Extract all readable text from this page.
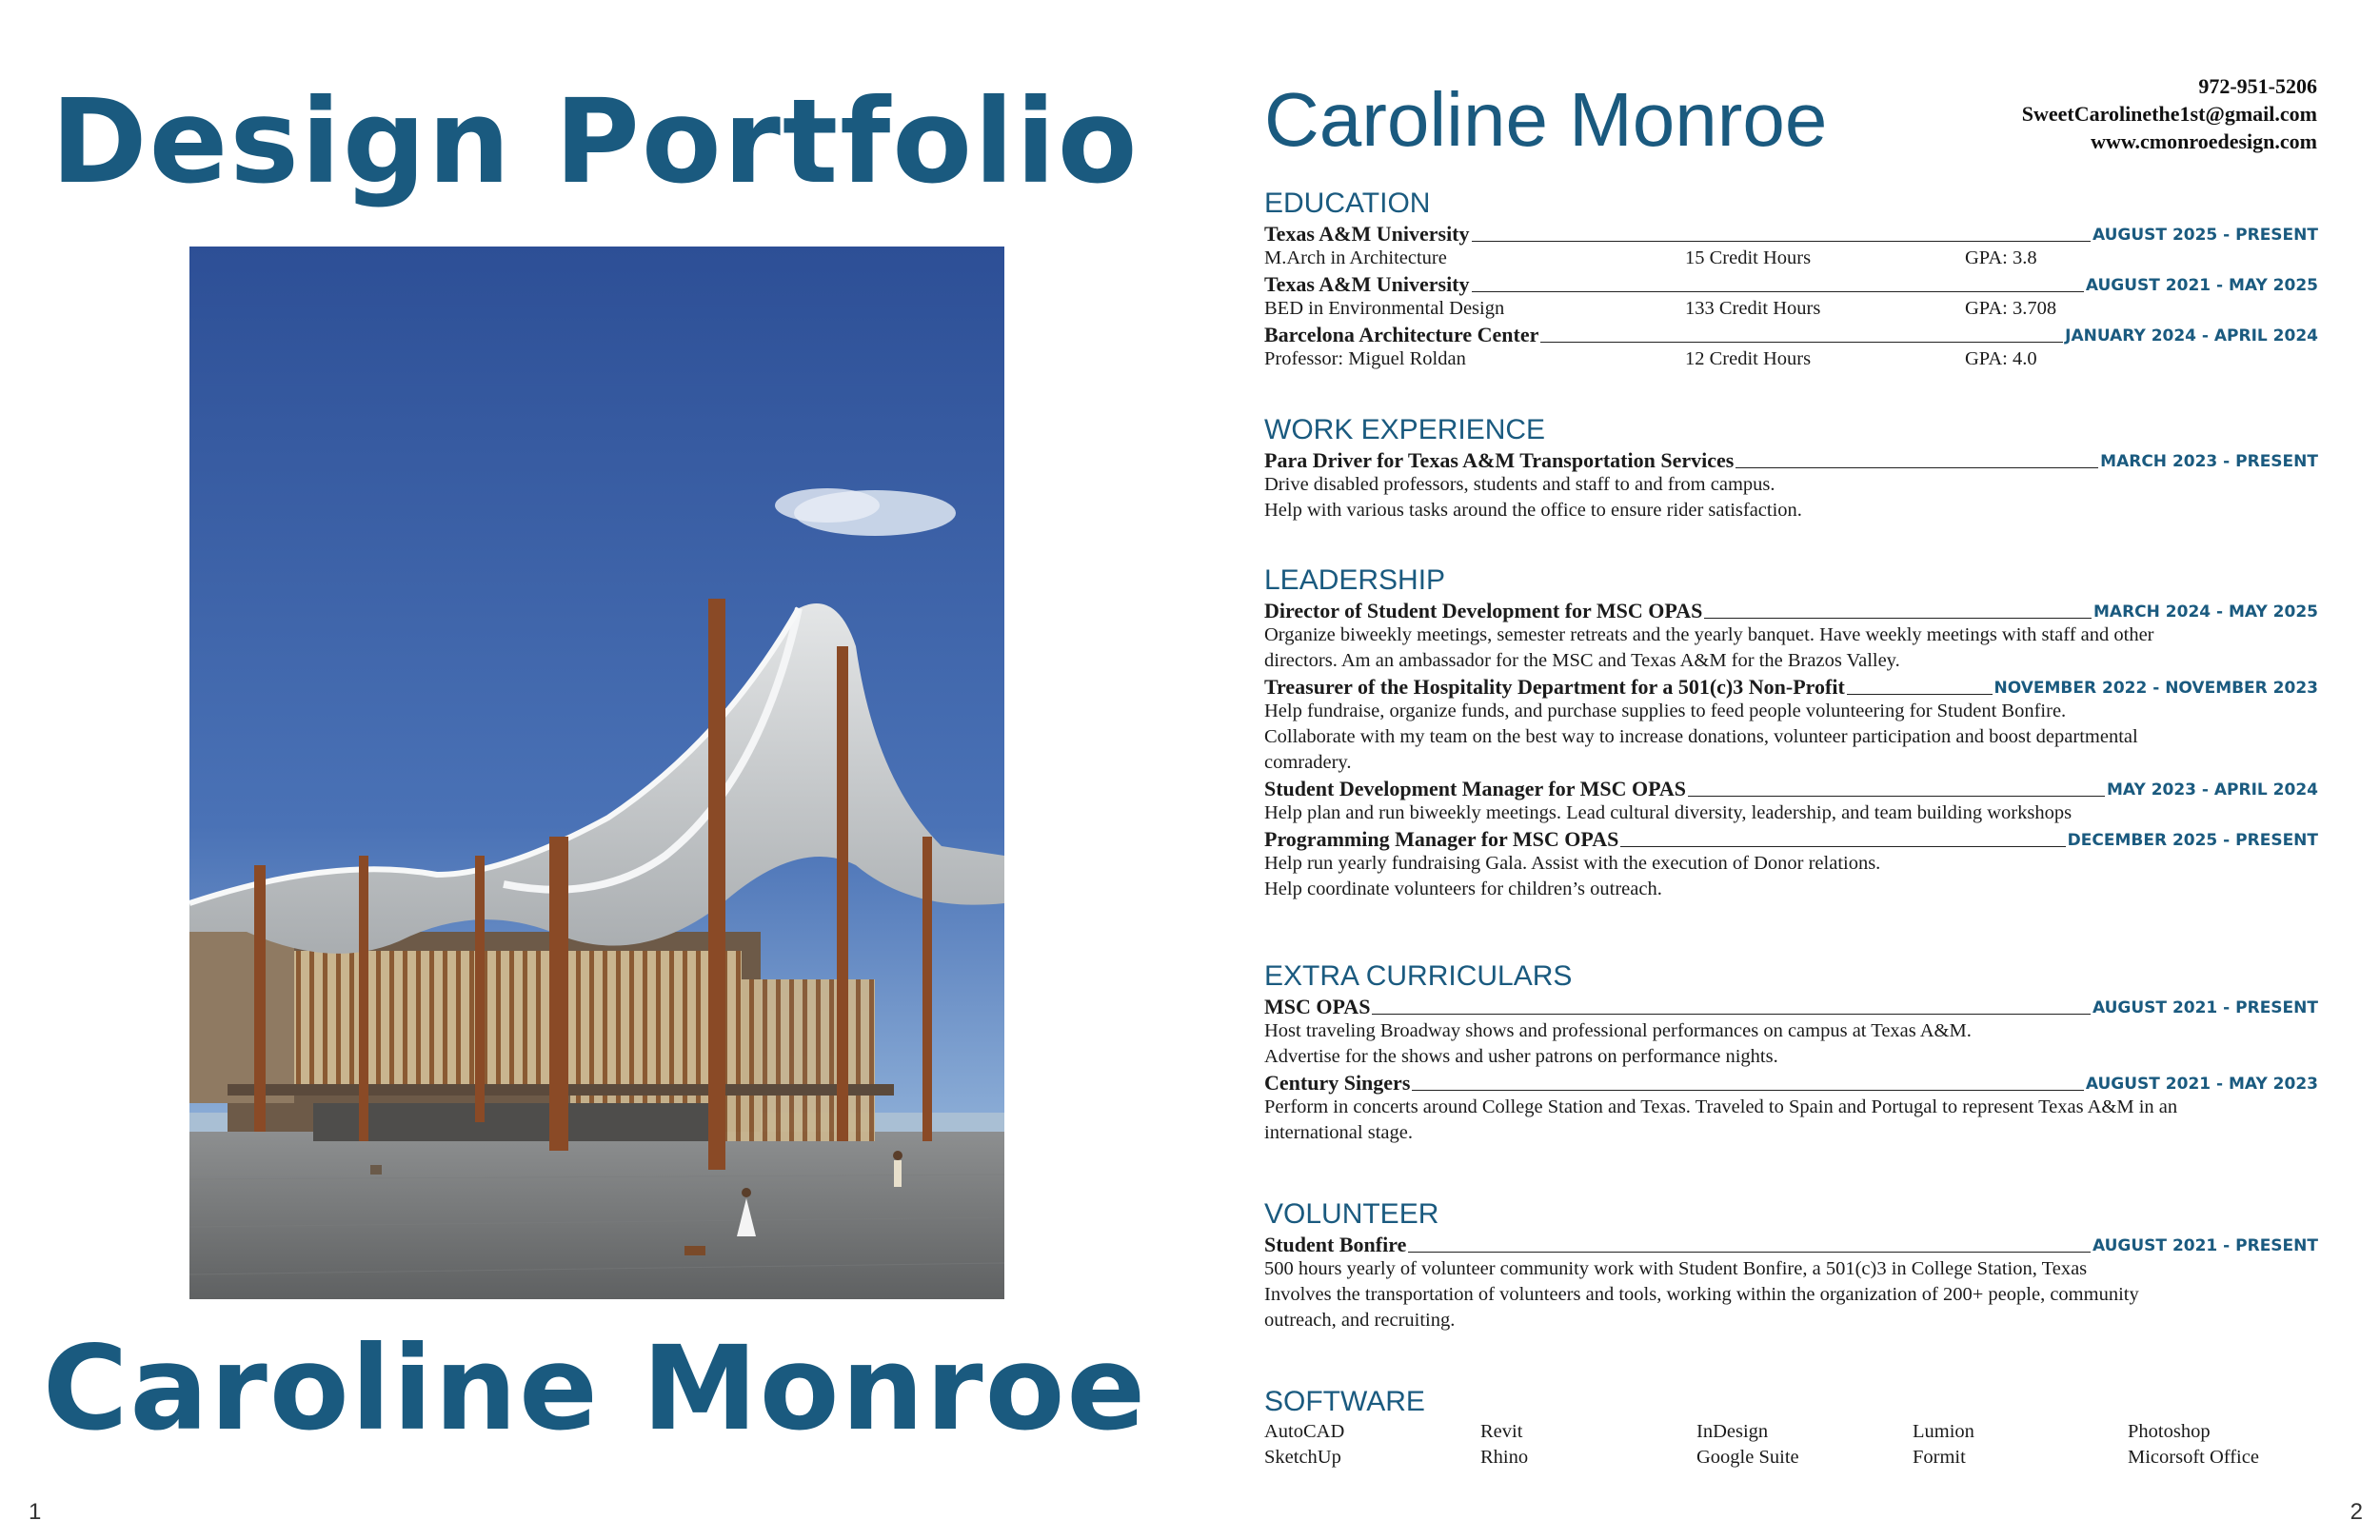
Design Portfolio
Caroline Monroe
1
Caroline Monroe	972-951-5206
SweetCarolinethe1st@gmail.com
www.cmonroedesign.com
EDUCATION
Texas A&M University	AUGUST 2025 - PRESENT
M.Arch in Architecture	15 Credit Hours	GPA: 3.8
Texas A&M University	AUGUST 2021 - MAY 2025
BED in Environmental Design	133 Credit Hours	GPA: 3.708
Barcelona Architecture Center	JANUARY 2024 - APRIL 2024
Professor: Miguel Roldan	12 Credit Hours	GPA: 4.0
WORK EXPERIENCE
Para Driver for Texas A&M Transportation Services	MARCH 2023 - PRESENT
Drive disabled professors, students and staff to and from campus.
Help with various tasks around the office to ensure rider satisfaction.
LEADERSHIP
Director of Student Development for MSC OPAS	MARCH 2024 - MAY 2025
Organize biweekly meetings, semester retreats and the yearly banquet. Have weekly meetings with staff and other
directors. Am an ambassador for the MSC and Texas A&M for the Brazos Valley.
Treasurer of the Hospitality Department for a 501(c)3 Non-Profit	NOVEMBER 2022 - NOVEMBER 2023
Help fundraise, organize funds, and purchase supplies to feed people volunteering for Student Bonfire.
Collaborate with my team on the best way to increase donations, volunteer participation and boost departmental
comradery.
Student Development Manager for MSC OPAS	MAY 2023 - APRIL 2024
Help plan and run biweekly meetings. Lead cultural diversity, leadership, and team building workshops
Programming Manager for MSC OPAS	DECEMBER 2025 - PRESENT
Help run yearly fundraising Gala. Assist with the execution of Donor relations.
Help coordinate volunteers for children’s outreach.
EXTRA CURRICULARS
MSC OPAS	AUGUST 2021 - PRESENT
Host traveling Broadway shows and professional performances on campus at Texas A&M.
Advertise for the shows and usher patrons on performance nights.
Century Singers	AUGUST 2021 - MAY 2023
Perform in concerts around College Station and Texas. Traveled to Spain and Portugal to represent Texas A&M in an
international stage.
VOLUNTEER
Student Bonfire	AUGUST 2021 - PRESENT
500 hours yearly of volunteer community work with Student Bonfire, a 501(c)3 in College Station, Texas
Involves the transportation of volunteers and tools, working within the organization of 200+ people, community
outreach, and recruiting.
SOFTWARE
AutoCAD	Revit	InDesign	Lumion	Photoshop
SketchUp	Rhino	Google Suite	Formit	Micorsoft Office
2
